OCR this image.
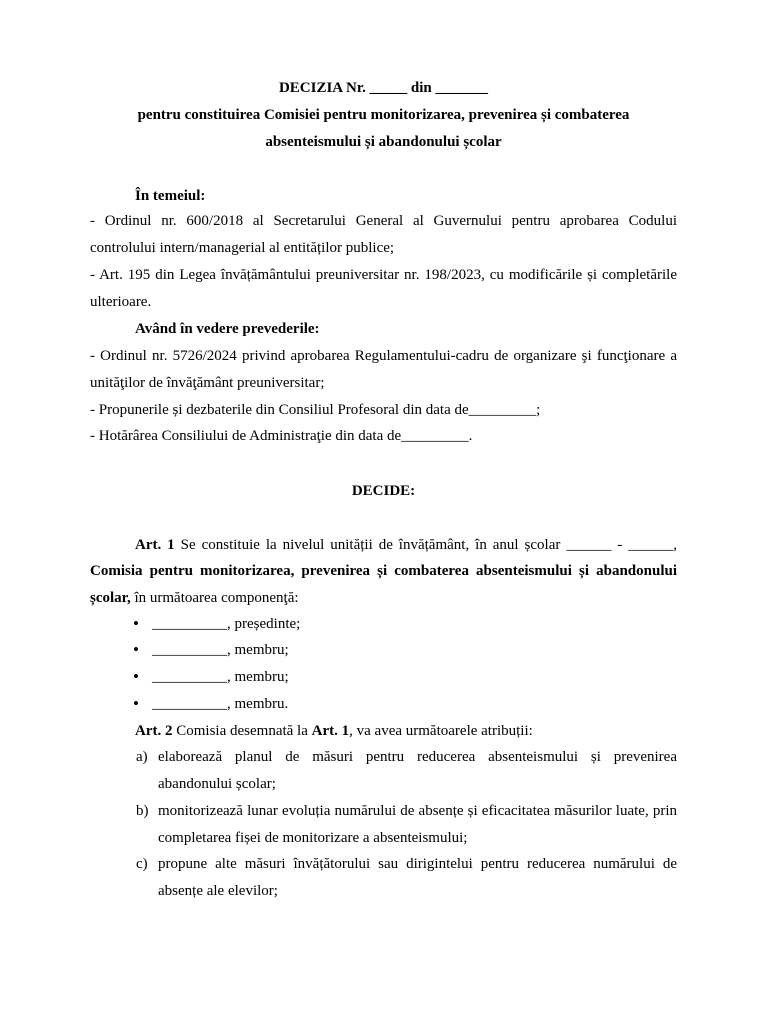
DECIZIA Nr. _____ din _______
pentru constituirea Comisiei pentru monitorizarea, prevenirea și combaterea
absenteismului și abandonului școlar
În temeiul:
- Ordinul nr. 600/2018 al Secretarului General al Guvernului pentru aprobarea Codului
controlului intern/managerial al entităților publice;
- Art. 195 din Legea învățământului preuniversitar nr. 198/2023, cu modificările și completările
ulterioare.
Având în vedere prevederile:
- Ordinul nr. 5726/2024 privind aprobarea Regulamentului-cadru de organizare şi funcţionare a
unităţilor de învăţământ preuniversitar;
- Propunerile și dezbaterile din Consiliul Profesoral din data de_________;
- Hotărârea Consiliului de Administraţie din data de_________.
DECIDE:
Art. 1 Se constituie la nivelul unității de învățământ, în anul școlar ______ - ______,
Comisia pentru monitorizarea, prevenirea și combaterea absenteismului și abandonului
școlar, în următoarea componenţă:
• __________, președinte;
• __________, membru;
• __________, membru;
• __________, membru.
Art. 2 Comisia desemnată la Art. 1, va avea următoarele atribuții:
a) elaborează planul de măsuri pentru reducerea absenteismului și prevenirea
abandonului școlar;
b) monitorizează lunar evoluția numărului de absențe și eficacitatea măsurilor luate, prin
completarea fișei de monitorizare a absenteismului;
c) propune alte măsuri învățătorului sau dirigintelui pentru reducerea numărului de
absențe ale elevilor;
